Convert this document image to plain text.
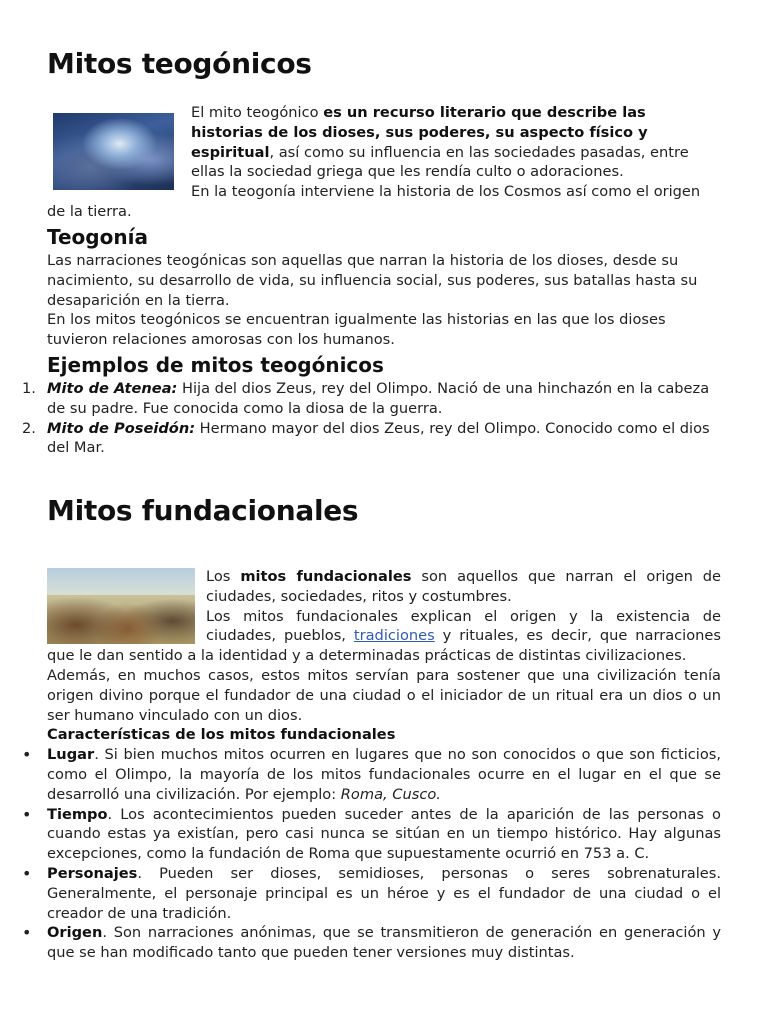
Mitos teogónicos

El mito teogónico es un recurso literario que describe las historias de los dioses, sus poderes, su aspecto físico y espiritual, así como su influencia en las sociedades pasadas, entre ellas la sociedad griega que les rendía culto o adoraciones.

En la teogonía interviene la historia de los Cosmos así como el origen de la tierra.

Teogonía

Las narraciones teogónicas son aquellas que narran la historia de los dioses, desde su nacimiento, su desarrollo de vida, su influencia social, sus poderes, sus batallas hasta su desaparición en la tierra.

En los mitos teogónicos se encuentran igualmente las historias en las que los dioses tuvieron relaciones amorosas con los humanos.

Ejemplos de mitos teogónicos
1. Mito de Atenea: Hija del dios Zeus, rey del Olimpo. Nació de una hinchazón en la cabeza de su padre. Fue conocida como la diosa de la guerra.
2. Mito de Poseidón: Hermano mayor del dios Zeus, rey del Olimpo. Conocido como el dios del Mar.
Mitos fundacionales

Los mitos fundacionales son aquellos que narran el origen de ciudades, sociedades, ritos y costumbres.

Los mitos fundacionales explican el origen y la existencia de ciudades, pueblos, tradiciones y rituales, es decir, que narraciones que le dan sentido a la identidad y a determinadas prácticas de distintas civilizaciones.

Además, en muchos casos, estos mitos servían para sostener que una civilización tenía origen divino porque el fundador de una ciudad o el iniciador de un ritual era un dios o un ser humano vinculado con un dios.

Características de los mitos fundacionales

• Lugar. Si bien muchos mitos ocurren en lugares que no son conocidos o que son ficticios, como el Olimpo, la mayoría de los mitos fundacionales ocurre en el lugar en el que se desarrolló una civilización. Por ejemplo: Roma, Cusco.
• Tiempo. Los acontecimientos pueden suceder antes de la aparición de las personas o cuando estas ya existían, pero casi nunca se sitúan en un tiempo histórico. Hay algunas excepciones, como la fundación de Roma que supuestamente ocurrió en 753 a. C.
• Personajes. Pueden ser dioses, semidioses, personas o seres sobrenaturales. Generalmente, el personaje principal es un héroe y es el fundador de una ciudad o el creador de una tradición.
• Origen. Son narraciones anónimas, que se transmitieron de generación en generación y que se han modificado tanto que pueden tener versiones muy distintas.
